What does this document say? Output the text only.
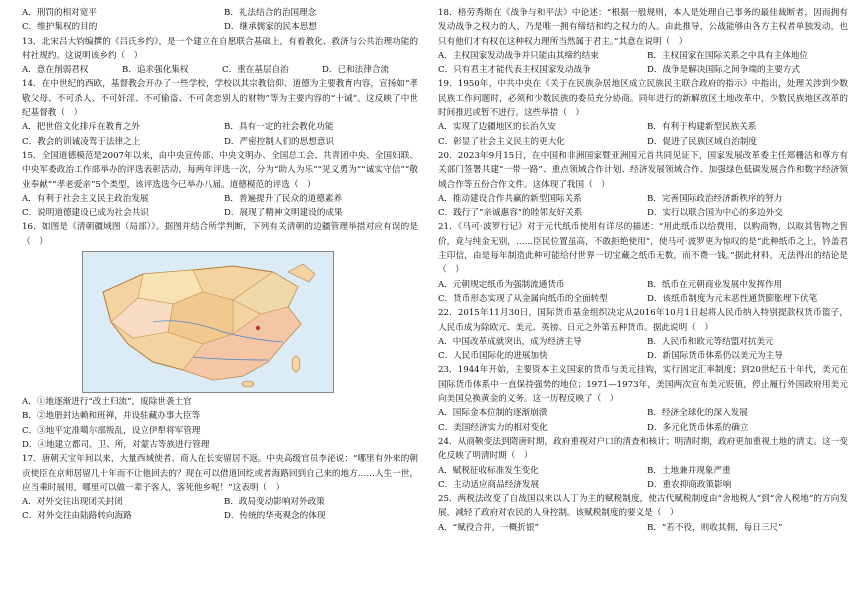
A．刑罚的相对宽平	B．礼法结合的治国理念
C．维护集权的目的	D．继承儒家的民本思想

13．北宋吕大钧编撰的《吕氏乡约》，是一个建立在自愿联合基础上，有着教化、救济与公共治理功能的村社规约。这说明该乡约（　）

A．意在削弱君权	B．追求强化集权	C．重在基层自治	D．已和法律合流

14．在中世纪的西欧，基督教会开办了一些学校，学校以其宗教信仰、道德为主要教育内容，宣扬如“孝敬父母、不可杀人、不可奸淫、不可偷盗、不可贪恋别人的财物”等为主要内容的“十诫”。这反映了中世纪基督教（　）

A．把世俗文化排斥在教育之外	B．具有一定的社会教化功能
C．教会的训诫凌驾于法律之上	D．严密控制人们的思想意识

15．全国道德模范是2007年以来，由中央宣传部、中央文明办、全国总工会、共青团中央、全国妇联、中央军委政治工作部举办的评选表彰活动，每两年评选一次，分为“助人为乐”“见义勇为”“诚实守信”“敬业奉献”“孝老爱亲”5个类型，该评选选今已举办八届。道德模范的评选（　）

A．有利于社会主义民主政治发展	B．普遍提升了民众的道德素养
C．说明道德建设已成为社会共识	D．展现了精神文明建设的成果

16．如图是《清朝疆域图（局部）》。据图并结合所学判断，下列有关清朝的边疆管理举措对应有误的是（　）

A．①地逐渐进行“改土归流”，废除世袭土官
B．②地册封达赖和班禅，并设驻藏办事大臣等
C．③地平定准噶尔部叛乱，设立伊犁将军管理
D．④地建立都司、卫、所，对蒙古等族进行管理

17．唐朝天宝年间以来，大量西域使者、商人在长安留居不返。中央高级官员李泌说：“哪里有外来的朝贡使臣在京师居留几十年而不让他回去的？现在可以借道回纥或者海路回到自己来的地方……人生一世，应当乘时展用，哪里可以做一辈子客人，客死他乡呢！”这表明（　）

A．对外交往出现闭关封闭	B．政局变动影响对外政策
C．对外交往由陆路转向海路	D．传统的华夷观念的体现

18．格劳秀斯在《战争与和平法》中论述：“根据一般规则，本人是处理自己事务的最佳裁断者，因而拥有发动战争之权力的人，乃是唯一拥有缔结和约之权力的人。由此推导，公战能够由各方主权者单独发动，也只有他们才有权在这种权力理所当然属于君主。”其意在说明（　）

A．主权国家发动战争并只能由其缔约结束	B．主权国家在国际关系之中具有主体地位
C．只有君主才能代表主权国家发动战争	D．战争是解决国际之间争端的主要方式

19．1950年，中共中央在《关于在民族杂居地区成立民族民主联合政府的指示》中指出，处理关涉到少数民族工作问题时，必须和少数民族的委员充分协商。同年进行的新解放区土地改革中，少数民族地区改革的时间推迟或暂不进行。这些举措（　）

A．实现了边疆地区的长治久安	B．有利于构建新型民族关系
C．彰显了社会主义民主的更大化	D．促进了民族区域自治制度

20．2023年9月15日，在中国和非洲国家暨亚洲国元首共同见证下，国家发展改革委主任郑栅洁和尊方有关部门签署共建“一带一路”、重点领域合作计划、经济发展领域合作、加强绿色低碳发展合作和数字经济领域合作等五份合作文件。这体现了我国（　）

A．推动建设合作共赢的新型国际关系	B．完善国际政治经济新秩序的努力
C．践行了“亲诚惠容”的睦邻友好关系	D．实行以联合国为中心的多边外交

21．《马可·波罗行记》对于元代纸币使用有详尽的描述：“用此纸币以给费用，以购商物，以取其售物之售价，竟与纯金无别，……臣民位置虽高，不敢拒绝使用”，使马可·波罗更为惊叹的是“此种纸币之上，钤盖君主印信，由是每年制造此种可能给付世界一切宝藏之纸币无数，而不费一钱。”据此材料，无法得出的结论是（　）

A．元朝规定纸币为强制流通货币	B．纸币在元朝商业发展中发挥作用
C．货币形态实现了从金属向纸币的全面转型	D．该纸币制度为元末恶性通货膨胀埋下伏笔

22．2015年11月30日，国际货币基金组织决定从2016年10月1日起将人民币纳入特别提款权货币篮子，人民币成为除欧元、美元、英镑、日元之外第五种货币。据此说明（　）

A．中国改革成就突出，成为经济主导	B．人民币和欧元等结盟对抗美元
C．人民币国际化的进展加快	D．新国际货币体系仍以美元为主导

23．1944年开始，主要资本主义国家的货币与美元挂钩，实行固定汇率制度；到20世纪五十年代，美元在国际货币体系中一直保持强势的地位；1971—1973年，美国两次宣布美元贬值，停止履行外国政府用美元向美国兑换黄金的义务。这一历程反映了（　）

A．国际金本位制的逐渐崩溃	B．经济全球化的深入发展
C．美国经济实力的相对变化	D．多元化货币体系的确立

24．从商鞅变法到隋唐时期，政府重视对户口的清查和核计；明清时期，政府更加重视土地的清丈。这一变化反映了明清时期（　）

A．赋税征收标准发生变化	B．土地兼并现象严重
C．主动适应商品经济发展	D．重农抑商政策影响

25．两税法改变了自战国以来以人丁为主的赋税制度，使古代赋税制度由“舍地税人”到“舍人税地”的方向发展，减轻了政府对农民的人身控制。该赋税制度的要义是（　）

A．“赋役合并，一概折银”	B．“若不役，则收其佣，每日三尺”
